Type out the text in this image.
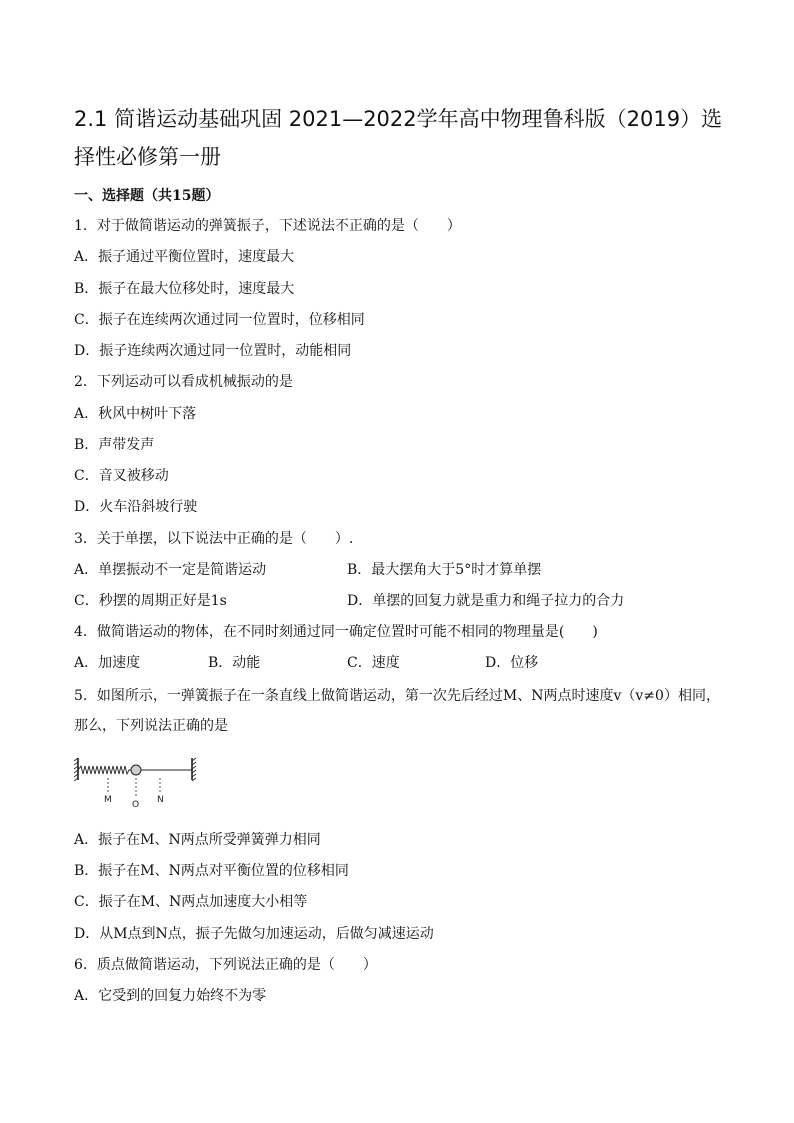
2.1 简谐运动基础巩固 2021—2022学年高中物理鲁科版（2019）选择性必修第一册
一、选择题（共15题）
1．对于做简谐运动的弹簧振子，下述说法不正确的是（　　）
A．振子通过平衡位置时，速度最大
B．振子在最大位移处时，速度最大
C．振子在连续两次通过同一位置时，位移相同
D．振子连续两次通过同一位置时，动能相同
2．下列运动可以看成机械振动的是
A．秋风中树叶下落
B．声带发声
C．音叉被移动
D．火车沿斜坡行驶
3．关于单摆，以下说法中正确的是（　　）.
A．单摆振动不一定是简谐运动	B．最大摆角大于5°时才算单摆
C．秒摆的周期正好是1s	D．单摆的回复力就是重力和绳子拉力的合力
4．做简谐运动的物体，在不同时刻通过同一确定位置时可能不相同的物理量是(　　)
A．加速度	B．动能	C．速度	D．位移
5．如图所示，一弹簧振子在一条直线上做简谐运动，第一次先后经过M、N两点时速度v（v≠0）相同，
那么，下列说法正确的是
M O N
A．振子在M、N两点所受弹簧弹力相同
B．振子在M、N两点对平衡位置的位移相同
C．振子在M、N两点加速度大小相等
D．从M点到N点，振子先做匀加速运动，后做匀减速运动
6．质点做简谐运动，下列说法正确的是（　　）
A．它受到的回复力始终不为零
